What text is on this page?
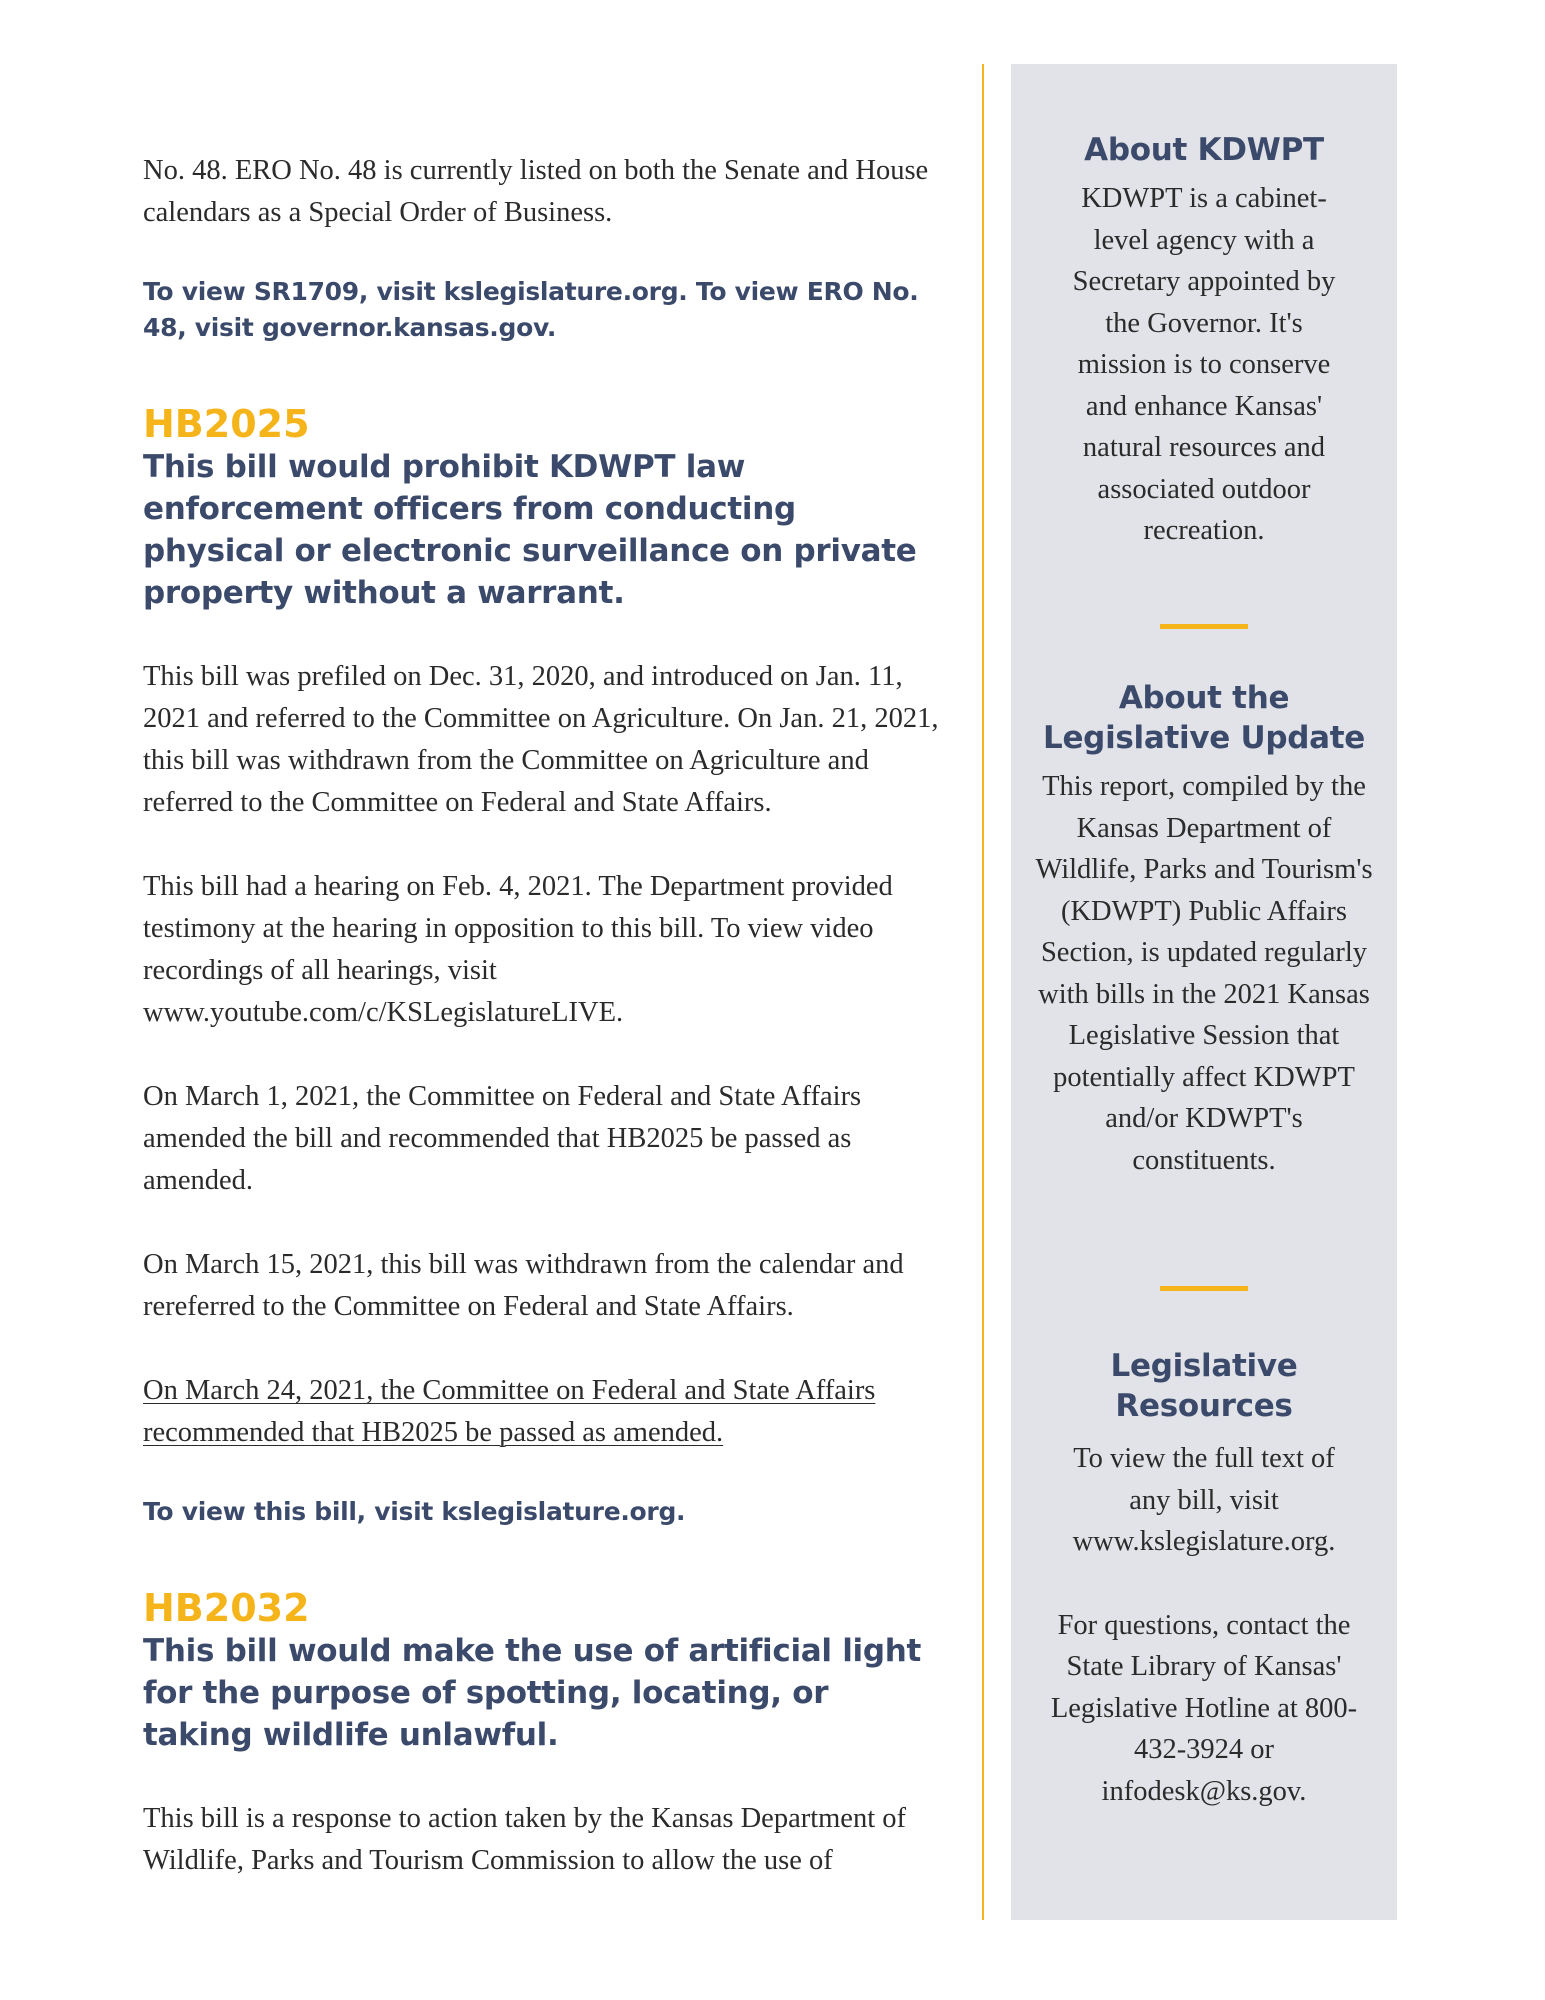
No. 48. ERO No. 48 is currently listed on both the Senate and House calendars as a Special Order of Business.

To view SR1709, visit kslegislature.org. To view ERO No. 48, visit governor.kansas.gov.

HB2025
This bill would prohibit KDWPT law enforcement officers from conducting physical or electronic surveillance on private property without a warrant.

This bill was prefiled on Dec. 31, 2020, and introduced on Jan. 11, 2021 and referred to the Committee on Agriculture. On Jan. 21, 2021, this bill was withdrawn from the Committee on Agriculture and referred to the Committee on Federal and State Affairs.

This bill had a hearing on Feb. 4, 2021. The Department provided testimony at the hearing in opposition to this bill. To view video recordings of all hearings, visit www.youtube.com/c/KSLegislatureLIVE.

On March 1, 2021, the Committee on Federal and State Affairs amended the bill and recommended that HB2025 be passed as amended.

On March 15, 2021, this bill was withdrawn from the calendar and rereferred to the Committee on Federal and State Affairs.

On March 24, 2021, the Committee on Federal and State Affairs recommended that HB2025 be passed as amended.

To view this bill, visit kslegislature.org.

HB2032
This bill would make the use of artificial light for the purpose of spotting, locating, or taking wildlife unlawful.

This bill is a response to action taken by the Kansas Department of Wildlife, Parks and Tourism Commission to allow the use of

About KDWPT

KDWPT is a cabinet-level agency with a Secretary appointed by the Governor. It's mission is to conserve and enhance Kansas' natural resources and associated outdoor recreation.

About the Legislative Update

This report, compiled by the Kansas Department of Wildlife, Parks and Tourism's (KDWPT) Public Affairs Section, is updated regularly with bills in the 2021 Kansas Legislative Session that potentially affect KDWPT and/or KDWPT's constituents.

Legislative Resources

To view the full text of any bill, visit www.kslegislature.org.

For questions, contact the State Library of Kansas' Legislative Hotline at 800-432-3924 or infodesk@ks.gov.
